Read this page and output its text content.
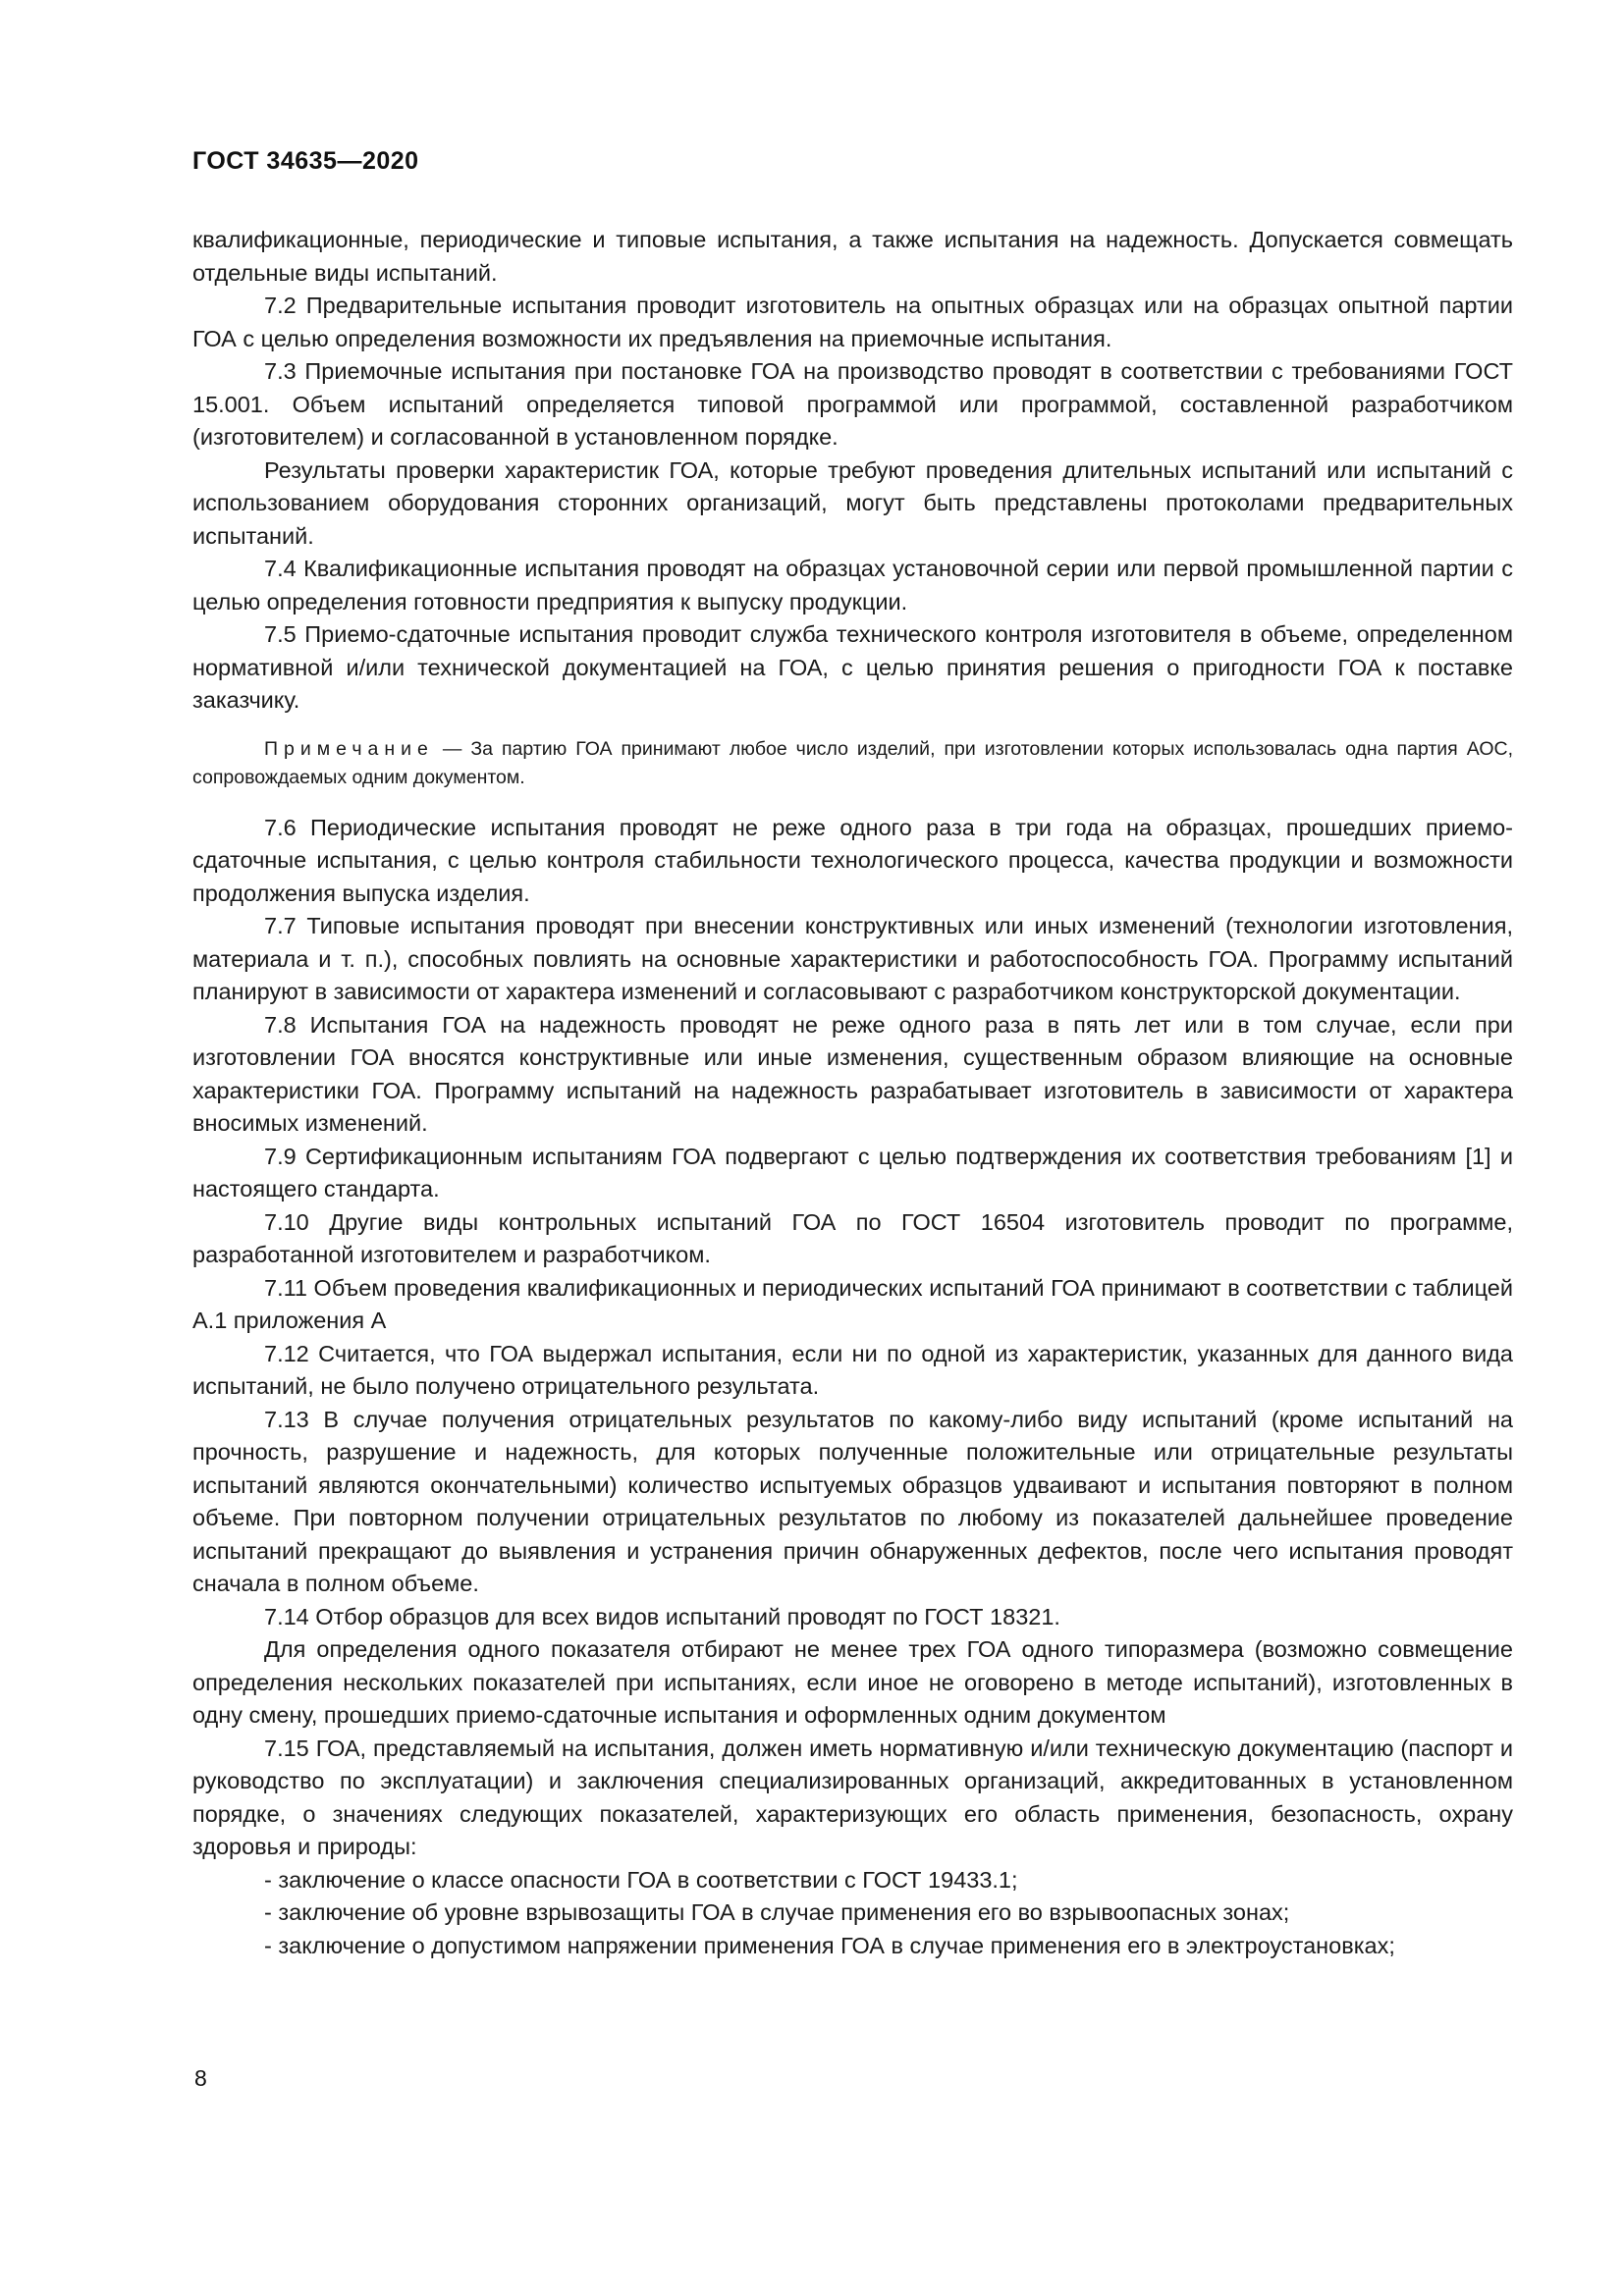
ГОСТ 34635—2020

квалификационные, периодические и типовые испытания, а также испытания на надежность. Допускается совмещать отдельные виды испытаний.

7.2 Предварительные испытания проводит изготовитель на опытных образцах или на образцах опытной партии ГОА с целью определения возможности их предъявления на приемочные испытания.

7.3 Приемочные испытания при постановке ГОА на производство проводят в соответствии с требованиями ГОСТ 15.001. Объем испытаний определяется типовой программой или программой, составленной разработчиком (изготовителем) и согласованной в установленном порядке.

Результаты проверки характеристик ГОА, которые требуют проведения длительных испытаний или испытаний с использованием оборудования сторонних организаций, могут быть представлены протоколами предварительных испытаний.

7.4 Квалификационные испытания проводят на образцах установочной серии или первой промышленной партии с целью определения готовности предприятия к выпуску продукции.

7.5 Приемо-сдаточные испытания проводит служба технического контроля изготовителя в объеме, определенном нормативной и/или технической документацией на ГОА, с целью принятия решения о пригодности ГОА к поставке заказчику.

Примечание — За партию ГОА принимают любое число изделий, при изготовлении которых использовалась одна партия АОС, сопровождаемых одним документом.

7.6 Периодические испытания проводят не реже одного раза в три года на образцах, прошедших приемо-сдаточные испытания, с целью контроля стабильности технологического процесса, качества продукции и возможности продолжения выпуска изделия.

7.7 Типовые испытания проводят при внесении конструктивных или иных изменений (технологии изготовления, материала и т. п.), способных повлиять на основные характеристики и работоспособность ГОА. Программу испытаний планируют в зависимости от характера изменений и согласовывают с разработчиком конструкторской документации.

7.8 Испытания ГОА на надежность проводят не реже одного раза в пять лет или в том случае, если при изготовлении ГОА вносятся конструктивные или иные изменения, существенным образом влияющие на основные характеристики ГОА. Программу испытаний на надежность разрабатывает изготовитель в зависимости от характера вносимых изменений.

7.9 Сертификационным испытаниям ГОА подвергают с целью подтверждения их соответствия требованиям [1] и настоящего стандарта.

7.10 Другие виды контрольных испытаний ГОА по ГОСТ 16504 изготовитель проводит по программе, разработанной изготовителем и разработчиком.

7.11 Объем проведения квалификационных и периодических испытаний ГОА принимают в соответствии с таблицей А.1 приложения А

7.12 Считается, что ГОА выдержал испытания, если ни по одной из характеристик, указанных для данного вида испытаний, не было получено отрицательного результата.

7.13 В случае получения отрицательных результатов по какому-либо виду испытаний (кроме испытаний на прочность, разрушение и надежность, для которых полученные положительные или отрицательные результаты испытаний являются окончательными) количество испытуемых образцов удваивают и испытания повторяют в полном объеме. При повторном получении отрицательных результатов по любому из показателей дальнейшее проведение испытаний прекращают до выявления и устранения причин обнаруженных дефектов, после чего испытания проводят сначала в полном объеме.

7.14 Отбор образцов для всех видов испытаний проводят по ГОСТ 18321.

Для определения одного показателя отбирают не менее трех ГОА одного типоразмера (возможно совмещение определения нескольких показателей при испытаниях, если иное не оговорено в методе испытаний), изготовленных в одну смену, прошедших приемо-сдаточные испытания и оформленных одним документом

7.15 ГОА, представляемый на испытания, должен иметь нормативную и/или техническую документацию (паспорт и руководство по эксплуатации) и заключения специализированных организаций, аккредитованных в установленном порядке, о значениях следующих показателей, характеризующих его область применения, безопасность, охрану здоровья и природы:

- заключение о классе опасности ГОА в соответствии с ГОСТ 19433.1;

- заключение об уровне взрывозащиты ГОА в случае применения его во взрывоопасных зонах;

- заключение о допустимом напряжении применения ГОА в случае применения его в электроустановках;

8
